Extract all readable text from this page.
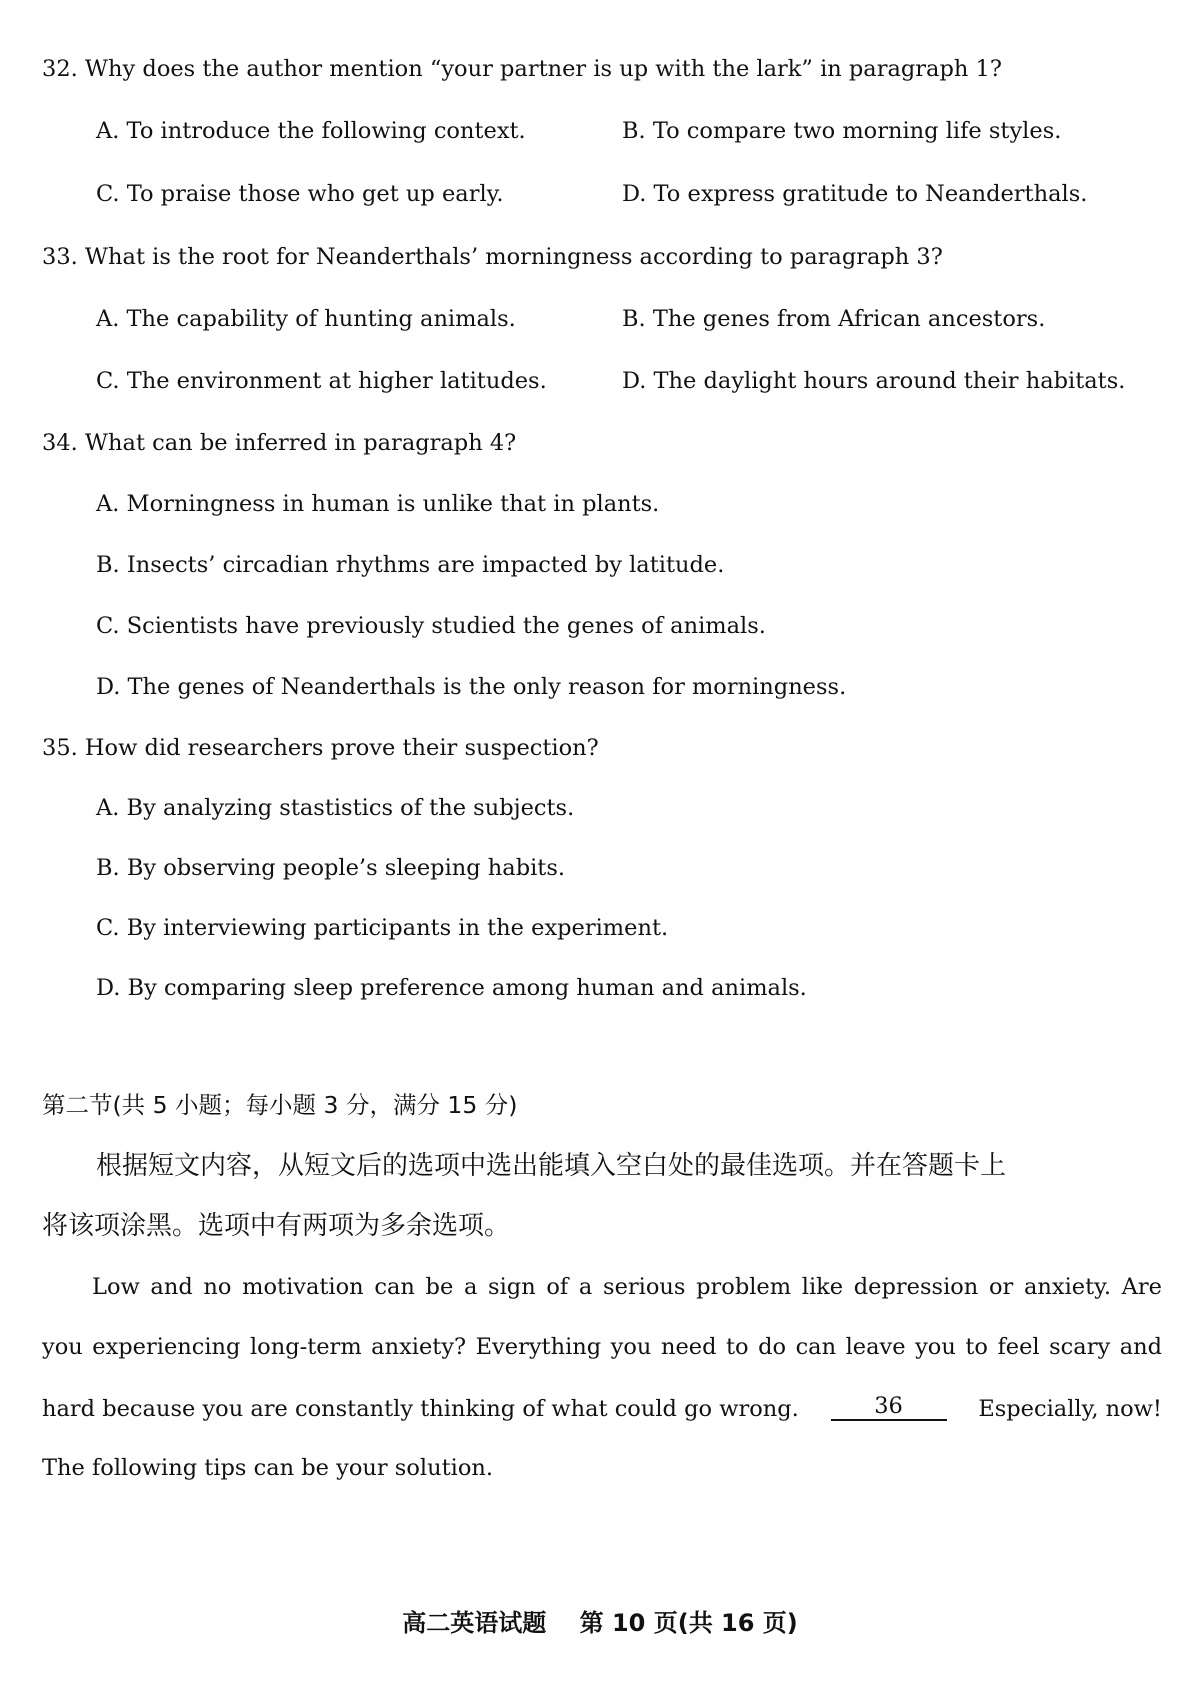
32. Why does the author mention “your partner is up with the lark” in paragraph 1?
A. To introduce the following context.	B. To compare two morning life styles.
C. To praise those who get up early.	D. To express gratitude to Neanderthals.
33. What is the root for Neanderthals’ morningness according to paragraph 3?
A. The capability of hunting animals.	B. The genes from African ancestors.
C. The environment at higher latitudes.	D. The daylight hours around their habitats.
34. What can be inferred in paragraph 4?
A. Morningness in human is unlike that in plants.
B. Insects’ circadian rhythms are impacted by latitude.
C. Scientists have previously studied the genes of animals.
D. The genes of Neanderthals is the only reason for morningness.
35. How did researchers prove their suspection?
A. By analyzing stastistics of the subjects.
B. By observing people’s sleeping habits.
C. By interviewing participants in the experiment.
D. By comparing sleep preference among human and animals.
第二节(共 5 小题；每小题 3 分，满分 15 分)
根据短文内容，从短文后的选项中选出能填入空白处的最佳选项。并在答题卡上
将该项涂黑。选项中有两项为多余选项。
Low and no motivation can be a sign of a serious problem like depression or anxiety. Are
you experiencing long-term anxiety? Everything you need to do can leave you to feel scary and
hard because you are constantly thinking of what could go wrong.	36	Especially, now!
The following tips can be your solution.
高二英语试题    第 10 页(共 16 页)
